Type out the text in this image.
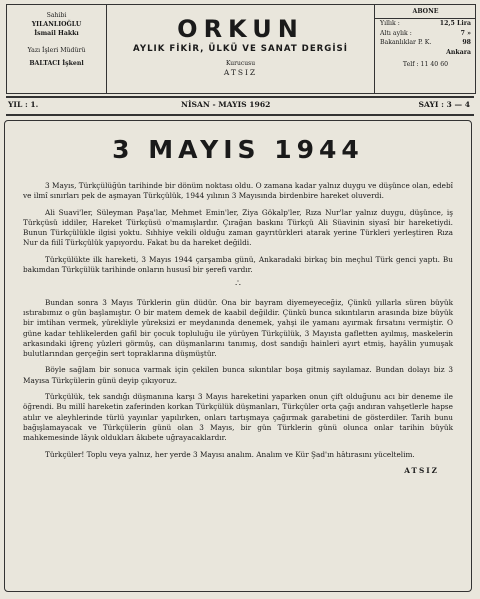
Sahibi
YILANLIOĞLU
İsmail Hakkı
Yazı İşleri Müdürü
BALTACI İşkenl
ORKUN
AYLIK FİKİR, ÜLKÜ VE SANAT DERGİSİ
Kurucusu
ATSIZ
ABONE
Yıllık :	12,5 Lira
Altı aylık :	7 »
Bakanlıklar P. K.	98
Ankara
Telf : 11 40 60
YIL : 1.	NİSAN - MAYIS 1962	SAYI : 3 — 4
3 MAYIS 1944

3 Mayıs, Türkçülüğün tarihinde bir dönüm noktası oldu. O zamana kadar yalnız duygu ve düşünce olan, edebî ve ilmî sınırları pek de aşmayan Türkçülük, 1944 yılının 3 Mayısında birdenbire hareket oluverdi.

Ali Suavi'ler, Süleyman Paşa'lar, Mehmet Emin'ler, Ziya Gökalp'ler, Rıza Nur'lar yalnız duygu, düşünce, iş Türkçüsü iddiler, Hareket Türkçüsü o'mamışlardır. Çırağan baskını Türkçü Ali Süavinin siyasî bir hareketiydi. Bunun Türkçülükle ilgisi yoktu. Sıhhiye vekili olduğu zaman gayrıtürkleri atarak yerine Türkleri yerleştiren Rıza Nur da fiilî Türkçülük yapıyordu. Fakat bu da hareket değildi.

Türkçülükte ilk hareketi, 3 Mayıs 1944 çarşamba günü, Ankaradaki birkaç bin meçhul Türk genci yaptı. Bu bakımdan Türkçülük tarihinde onların hususî bir şerefi vardır.

∴

Bundan sonra 3 Mayıs Türklerin gün düdür. Ona bir bayram diyemeyeceğiz, Çünkü yıllarla süren büyük ıstırabımız o gün başlamıştır. O bir matem demek de kaabil değildir. Çünkü bunca sıkıntıların arasında bize büyük bir imtihan vermek, yürekliyle yüreksizi er meydanında denemek, yahşi ile yamanı ayırmak fırsatını vermiştir. O güne kadar tehlikelerden gafil bir çocuk topluluğu ile yürüyen Türkçülük, 3 Mayısta gafletten ayılmış, maskelerin arkasındaki iğrenç yüzleri görmüş, can düşmanlarını tanımış, dost sandığı hainleri ayırt etmiş, hayâlin yumuşak bulutlarından gerçeğin sert topraklarına düşmüştür.

Böyle sağlam bir sonuca varmak için çekilen bunca sıkıntılar boşa gitmiş sayılamaz. Bundan dolayı biz 3 Mayısa Türkçülerin günü deyip çıkıyoruz.

Türkçülük, tek sandığı düşmanına karşı 3 Mayıs hareketini yaparken onun çift olduğunu acı bir deneme ile öğrendi. Bu millî hareketin zaferinden korkan Türkçülük düşmanları, Türkçüler orta çağı andıran vahşetlerle hapse atılır ve aleyhlerinde türlü yayınlar yapılırken, onları tartışmaya çağırmak garabetini de gösterdiler. Tarih bunu bağışlamayacak ve Türkçülerin günü olan 3 Mayıs, bir gün Türklerin günü olunca onlar tarihin büyük mahkemesinde lâyık oldukları âkıbete uğrayacaklardır.

Türkçüler! Toplu veya yalnız, her yerde 3 Mayısı analım. Analım ve Kür Şad'ın hâtırasını yüceltelim.

ATSIZ
